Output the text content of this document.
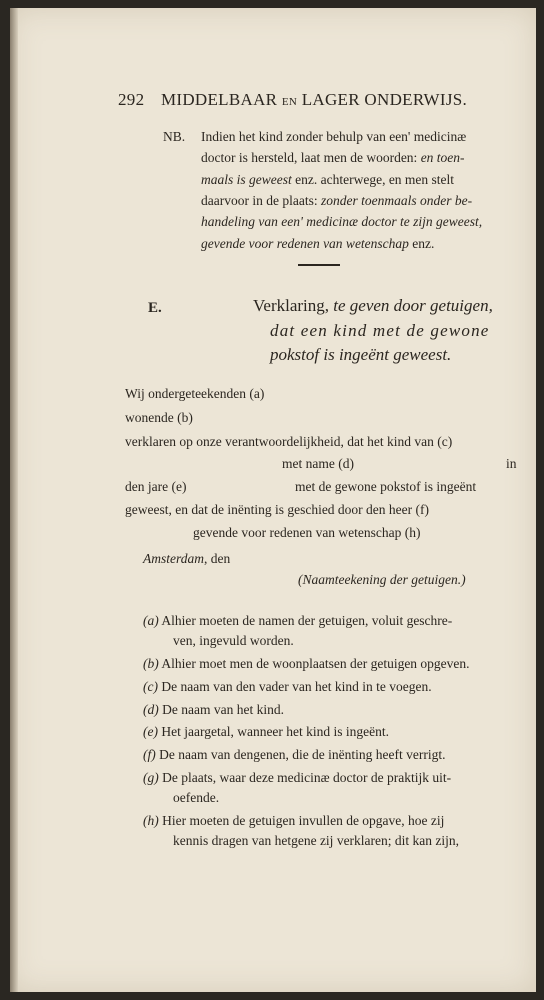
292 MIDDELBAAR EN LAGER ONDERWIJS.
NB. Indien het kind zonder behulp van een' medicinæ
doctor is hersteld, laat men de woorden: en toen-
maals is geweest enz. achterwege, en men stelt
daarvoor in de plaats: zonder toenmaals onder be-
handeling van een' medicinæ doctor te zijn geweest,
gevende voor redenen van wetenschap enz.
E.	Verklaring, te geven door getuigen,
dat een kind met de gewone
pokstof is ingeënt geweest.
Wij ondergeteekenden (a)
wonende (b)
verklaren op onze verantwoordelijkheid, dat het kind van (c)
met name (d)	in
den jare (e)	met de gewone pokstof is ingeënt
geweest, en dat de inënting is geschied door den heer (f)
gevende voor redenen van wetenschap (h)
Amsterdam, den
(Naamteekening der getuigen.)
(a) Alhier moeten de namen der getuigen, voluit geschre-
ven, ingevuld worden.
(b) Alhier moet men de woonplaatsen der getuigen opgeven.
(c) De naam van den vader van het kind in te voegen.
(d) De naam van het kind.
(e) Het jaargetal, wanneer het kind is ingeënt.
(f) De naam van dengenen, die de inënting heeft verrigt.
(g) De plaats, waar deze medicinæ doctor de praktijk uit-
oefende.
(h) Hier moeten de getuigen invullen de opgave, hoe zij
kennis dragen van hetgene zij verklaren; dit kan zijn,
